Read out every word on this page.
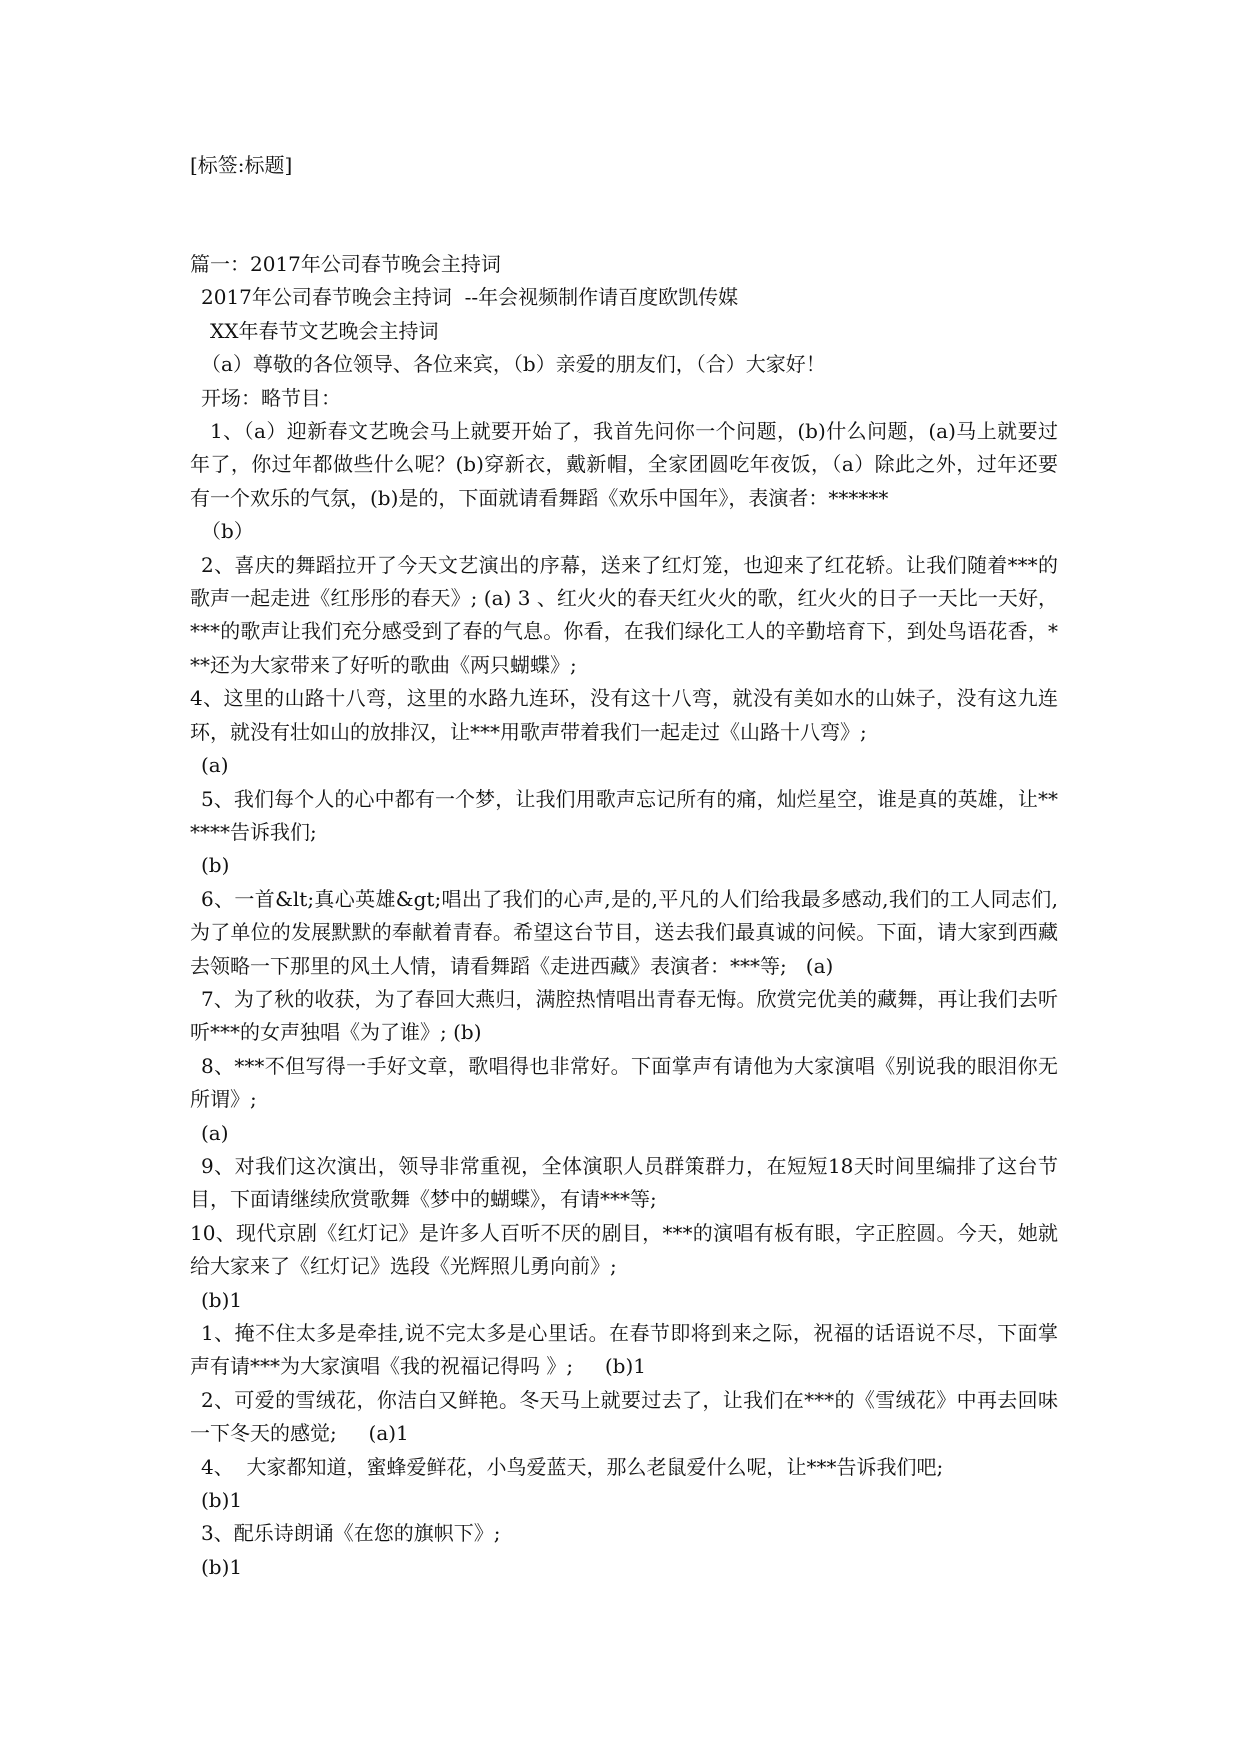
[标签:标题]

篇一：2017年公司春节晚会主持词

2017年公司春节晚会主持词  --年会视频制作请百度欧凯传媒

XX年春节文艺晚会主持词

（a）尊敬的各位领导、各位来宾，（b）亲爱的朋友们，（合）大家好！

开场：略节目：

1、（a）迎新春文艺晚会马上就要开始了，我首先问你一个问题，(b)什么问题，(a)马上就要过年了，你过年都做些什么呢？(b)穿新衣，戴新帽，全家团圆吃年夜饭，（a）除此之外，过年还要有一个欢乐的气氛，(b)是的，下面就请看舞蹈《欢乐中国年》，表演者：******

（b）

2、喜庆的舞蹈拉开了今天文艺演出的序幕，送来了红灯笼，也迎来了红花轿。让我们随着***的歌声一起走进《红彤彤的春天》; (a) 3 、红火火的春天红火火的歌，红火火的日子一天比一天好，***的歌声让我们充分感受到了春的气息。你看，在我们绿化工人的辛勤培育下，到处鸟语花香，***还为大家带来了好听的歌曲《两只蝴蝶》;

4、这里的山路十八弯，这里的水路九连环，没有这十八弯，就没有美如水的山妹子，没有这九连环，就没有壮如山的放排汉，让***用歌声带着我们一起走过《山路十八弯》;

(a)

5、我们每个人的心中都有一个梦，让我们用歌声忘记所有的痛，灿烂星空，谁是真的英雄，让******告诉我们;

(b)

6、一首&lt;真心英雄&gt;唱出了我们的心声,是的,平凡的人们给我最多感动,我们的工人同志们,为了单位的发展默默的奉献着青春。希望这台节目，送去我们最真诚的问候。下面，请大家到西藏去领略一下那里的风土人情，请看舞蹈《走进西藏》表演者：***等;   (a)

7、为了秋的收获，为了春回大燕归，满腔热情唱出青春无悔。欣赏完优美的藏舞，再让我们去听听***的女声独唱《为了谁》; (b)

8、***不但写得一手好文章，歌唱得也非常好。下面掌声有请他为大家演唱《别说我的眼泪你无所谓》;

(a)

9、对我们这次演出，领导非常重视，全体演职人员群策群力，在短短18天时间里编排了这台节目，下面请继续欣赏歌舞《梦中的蝴蝶》，有请***等;

10、现代京剧《红灯记》是许多人百听不厌的剧目，***的演唱有板有眼，字正腔圆。今天，她就给大家来了《红灯记》选段《光辉照儿勇向前》;

(b)1

1、掩不住太多是牵挂,说不完太多是心里话。在春节即将到来之际，祝福的话语说不尽，下面掌声有请***为大家演唱《我的祝福记得吗 》;     (b)1

2、可爱的雪绒花，你洁白又鲜艳。冬天马上就要过去了，让我们在***的《雪绒花》中再去回味一下冬天的感觉;     (a)1

4、  大家都知道，蜜蜂爱鲜花，小鸟爱蓝天，那么老鼠爱什么呢，让***告诉我们吧;

(b)1

3、配乐诗朗诵《在您的旗帜下》;

(b)1
